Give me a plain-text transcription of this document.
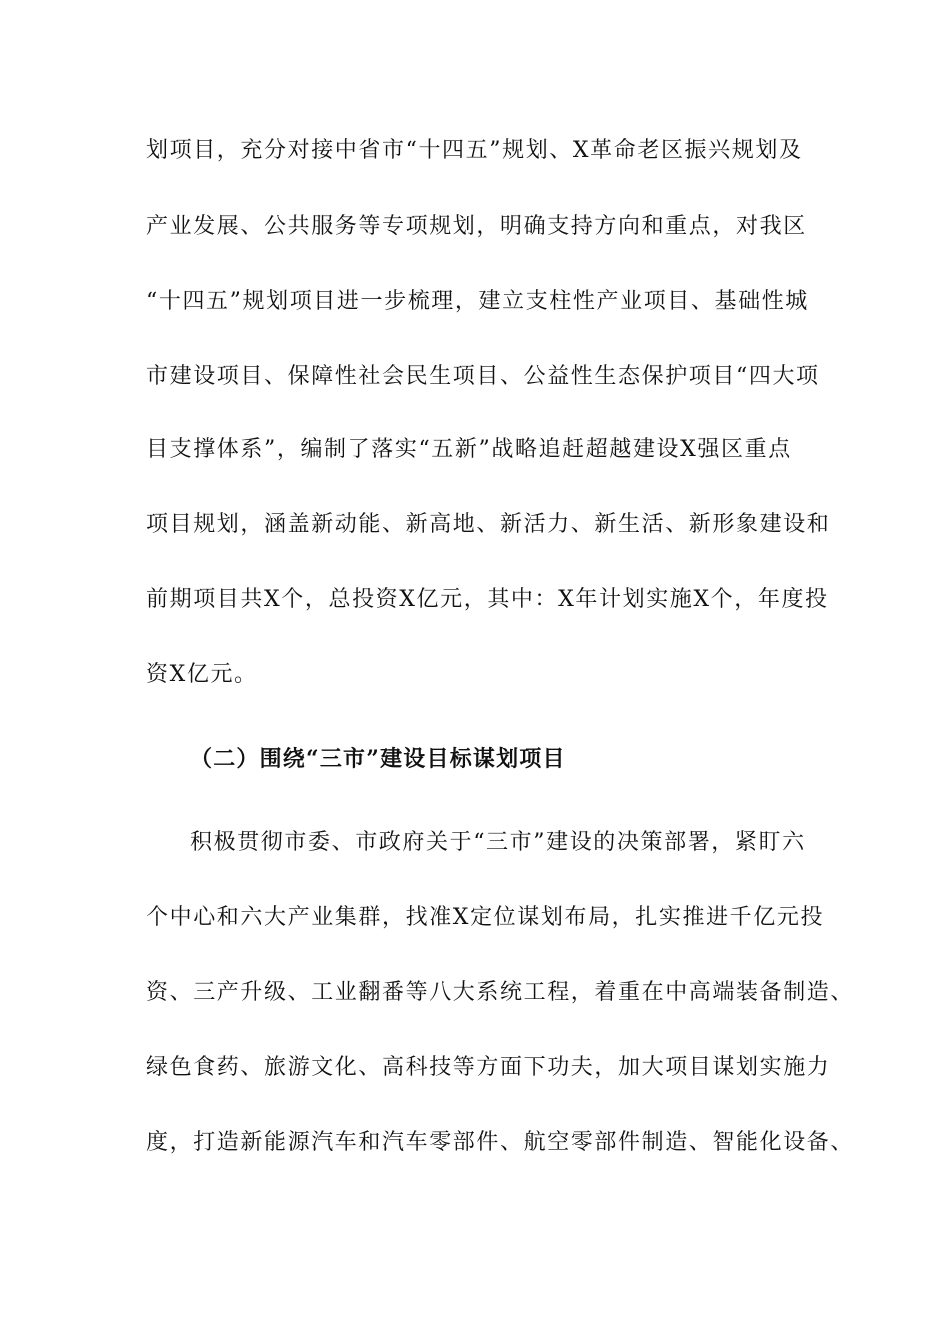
划项目，充分对接中省市“十四五”规划、X革命老区振兴规划及
产业发展、公共服务等专项规划，明确支持方向和重点，对我区
“十四五”规划项目进一步梳理，建立支柱性产业项目、基础性城
市建设项目、保障性社会民生项目、公益性生态保护项目“四大项
目支撑体系”，编制了落实“五新”战略追赶超越建设X强区重点
项目规划，涵盖新动能、新高地、新活力、新生活、新形象建设和
前期项目共X个，总投资X亿元，其中：X年计划实施X个，年度投
资X亿元。
（二）围绕“三市”建设目标谋划项目
积极贯彻市委、市政府关于“三市”建设的决策部署，紧盯六
个中心和六大产业集群，找准X定位谋划布局，扎实推进千亿元投
资、三产升级、工业翻番等八大系统工程，着重在中高端装备制造、
绿色食药、旅游文化、高科技等方面下功夫，加大项目谋划实施力
度，打造新能源汽车和汽车零部件、航空零部件制造、智能化设备、
